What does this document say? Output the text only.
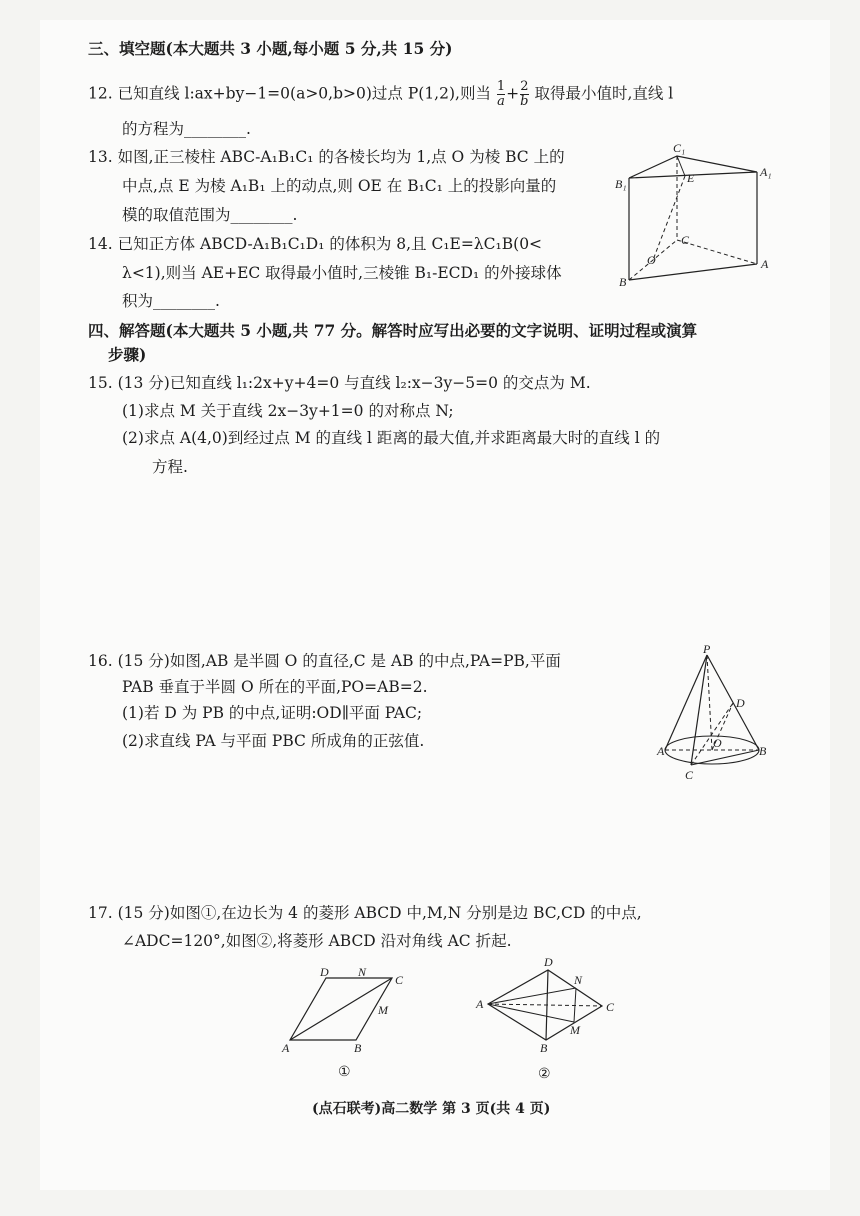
三、填空题(本大题共 3 小题,每小题 5 分,共 15 分)
12. 已知直线 l:ax+by−1=0(a>0,b>0)过点 P(1,2),则当 $\frac{1}{a} + \frac{2}{b}$ 取得最小值时,直线 l
的方程为________.
13. 如图,正三棱柱 ABC-A₁B₁C₁ 的各棱长均为 1,点 O 为棱 BC 上的
中点,点 E 为棱 A₁B₁ 上的动点,则 OE 在 B₁C₁ 上的投影向量的
模的取值范围为________.
14. 已知正方体 ABCD-A₁B₁C₁D₁ 的体积为 8,且 C₁E=λC₁B(0<
λ<1),则当 AE+EC 取得最小值时,三棱锥 B₁-ECD₁ 的外接球体
积为________.
C₁
A₁
B₁	E
C
O	A
B
四、解答题(本大题共 5 小题,共 77 分。解答时应写出必要的文字说明、证明过程或演算
步骤)
15. (13 分)已知直线 l₁:2x+y+4=0 与直线 l₂:x−3y−5=0 的交点为 M.
(1)求点 M 关于直线 2x−3y+1=0 的对称点 N;
(2)求点 A(4,0)到经过点 M 的直线 l 距离的最大值,并求距离最大时的直线 l 的
方程.
16. (15 分)如图,AB 是半圆 O 的直径,C 是 AB 的中点,PA=PB,平面
PAB 垂直于半圆 O 所在的平面,PO=AB=2.
(1)若 D 为 PB 的中点,证明:OD∥平面 PAC;
(2)求直线 PA 与平面 PBC 所成角的正弦值.
P
D
A
O
B
C
17. (15 分)如图①,在边长为 4 的菱形 ABCD 中,M,N 分别是边 BC,CD 的中点,
∠ADC=120°,如图②,将菱形 ABCD 沿对角线 AC 折起.
D N
C
M
A	B
①
D
N
A	C
M
B
②
(点石联考)高二数学 第 3 页(共 4 页)
